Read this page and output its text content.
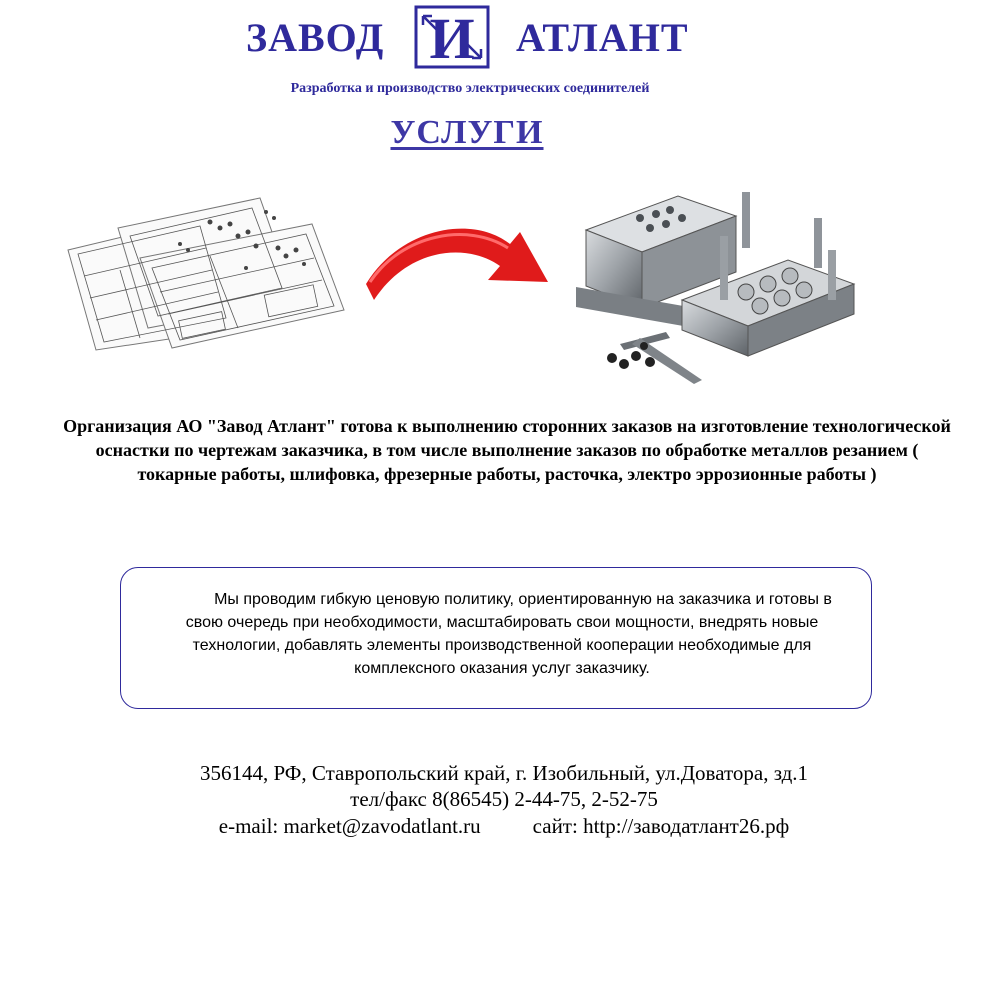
ЗАВОД И АТЛАНТ
Разработка и производство электрических соединителей
УСЛУГИ
Организация АО "Завод Атлант" готова к выполнению сторонних заказов на изготовление технологической оснастки по чертежам заказчика, в том числе выполнение заказов по обработке металлов резанием ( токарные работы, шлифовка, фрезерные работы, расточка, электро эррозионные работы )
Мы проводим гибкую ценовую политику, ориентированную на заказчика и готовы в свою очередь при необходимости, масштабировать свои мощности, внедрять новые технологии, добавлять элементы производственной кооперации необходимые для комплексного оказания услуг заказчику.
356144, РФ, Ставропольский край, г. Изобильный, ул.Доватора, зд.1
тел/факс 8(86545) 2-44-75, 2-52-75
e-mail: market@zavodatlant.ru сайт: http://заводатлант26.рф
